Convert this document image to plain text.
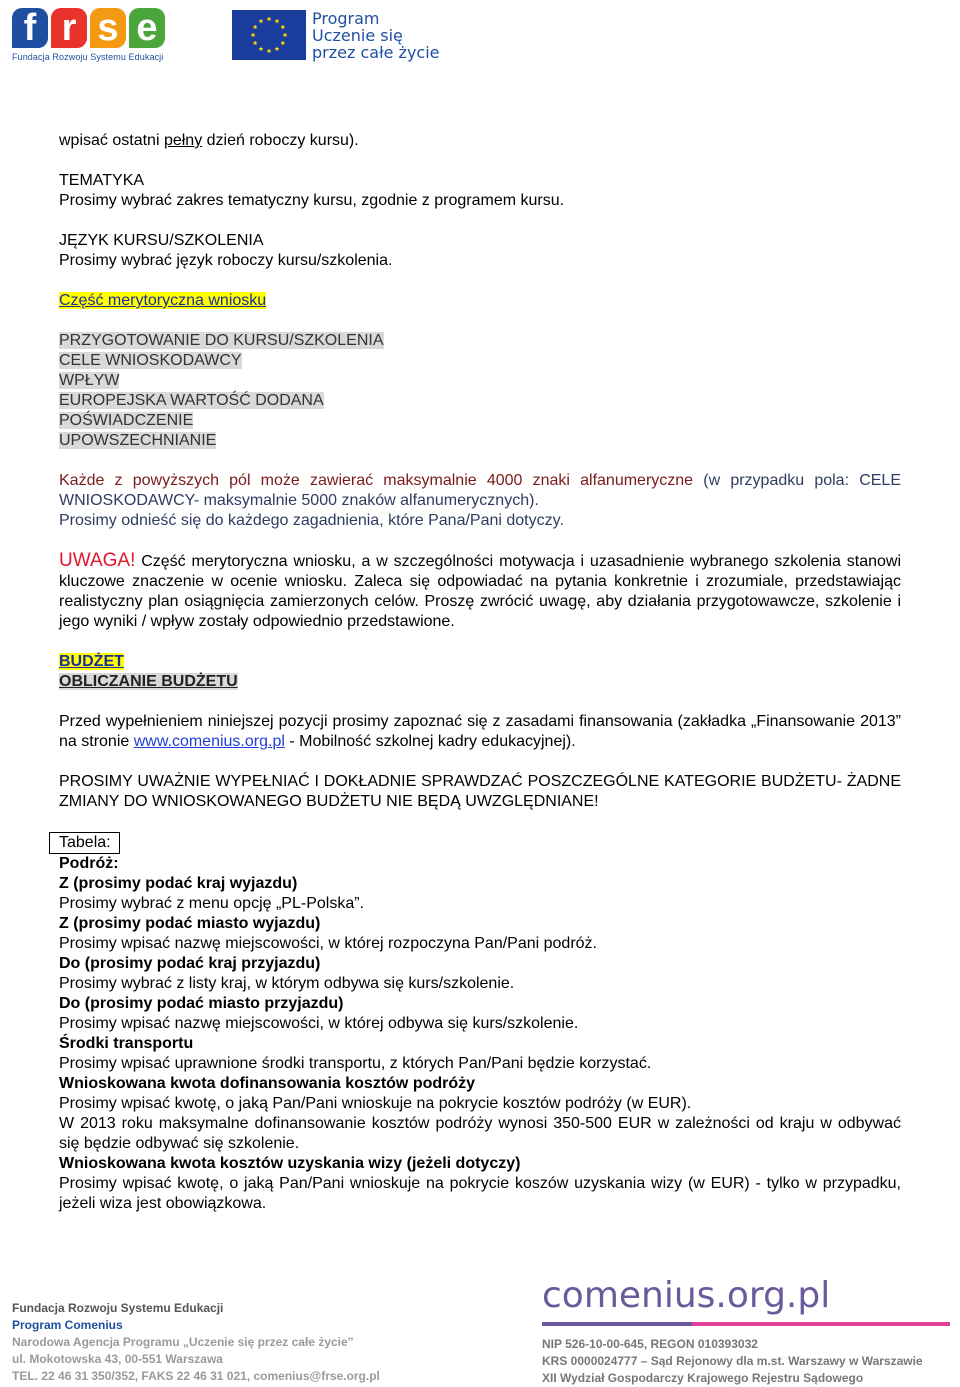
f r s e
Fundacja Rozwoju Systemu Edukacji
Program
Uczenie się
przez całe życie

wpisać ostatni pełny dzień roboczy kursu).

TEMATYKA

Prosimy wybrać zakres tematyczny kursu, zgodnie z programem kursu.

JĘZYK KURSU/SZKOLENIA

Prosimy wybrać język roboczy kursu/szkolenia.

Część merytoryczna wniosku

PRZYGOTOWANIE DO KURSU/SZKOLENIA

CELE WNIOSKODAWCY

WPŁYW

EUROPEJSKA WARTOŚĆ DODANA

POŚWIADCZENIE

UPOWSZECHNIANIE

Każde z powyższych pól może zawierać maksymalnie 4000 znaki alfanumeryczne (w przypadku pola: CELE WNIOSKODAWCY- maksymalnie 5000 znaków alfanumerycznych).

Prosimy odnieść się do każdego zagadnienia, które Pana/Pani dotyczy.

UWAGA! Część merytoryczna wniosku, a w szczególności motywacja i uzasadnienie wybranego szkolenia stanowi kluczowe znaczenie w ocenie wniosku. Zaleca się odpowiadać na pytania konkretnie i zrozumiale, przedstawiając realistyczny plan osiągnięcia zamierzonych celów. Proszę zwrócić uwagę, aby działania przygotowawcze, szkolenie i jego wyniki / wpływ zostały odpowiednio przedstawione.

BUDŻET

OBLICZANIE BUDŻETU

Przed wypełnieniem niniejszej pozycji prosimy zapoznać się z zasadami finansowania (zakładka „Finansowanie 2013” na stronie www.comenius.org.pl - Mobilność szkolnej kadry edukacyjnej).

PROSIMY UWAŻNIE WYPEŁNIAĆ I DOKŁADNIE SPRAWDZAĆ POSZCZEGÓLNE KATEGORIE BUDŻETU- ŻADNE ZMIANY DO WNIOSKOWANEGO BUDŻETU NIE BĘDĄ UWZGLĘDNIANE!

Tabela:

Podróż:

Z (prosimy podać kraj wyjazdu)

Prosimy wybrać z menu opcję „PL-Polska”.

Z (prosimy podać miasto wyjazdu)

Prosimy wpisać nazwę miejscowości, w której rozpoczyna Pan/Pani podróż.

Do (prosimy podać kraj przyjazdu)

Prosimy wybrać z listy kraj, w którym odbywa się kurs/szkolenie.

Do (prosimy podać miasto przyjazdu)

Prosimy wpisać nazwę miejscowości, w której odbywa się kurs/szkolenie.

Środki transportu

Prosimy wpisać uprawnione środki transportu, z których Pan/Pani będzie korzystać.

Wnioskowana kwota dofinansowania kosztów podróży

Prosimy wpisać kwotę, o jaką Pan/Pani wnioskuje na pokrycie kosztów podróży (w EUR).

W 2013 roku maksymalne dofinansowanie kosztów podróży wynosi 350-500 EUR w zależności od kraju w odbywać się będzie odbywać się szkolenie.

Wnioskowana kwota kosztów uzyskania wizy (jeżeli dotyczy)

Prosimy wpisać kwotę, o jaką Pan/Pani wnioskuje na pokrycie koszów uzyskania wizy (w EUR) - tylko w przypadku, jeżeli wiza jest obowiązkowa.

Fundacja Rozwoju Systemu Edukacji
Program Comenius
Narodowa Agencja Programu „Uczenie się przez całe życie”
ul. Mokotowska 43, 00-551 Warszawa
TEL. 22 46 31 350/352, FAKS 22 46 31 021, comenius@frse.org.pl
comenius.org.pl
NIP 526-10-00-645, REGON 010393032
KRS 0000024777 – Sąd Rejonowy dla m.st. Warszawy w Warszawie
XII Wydział Gospodarczy Krajowego Rejestru Sądowego
